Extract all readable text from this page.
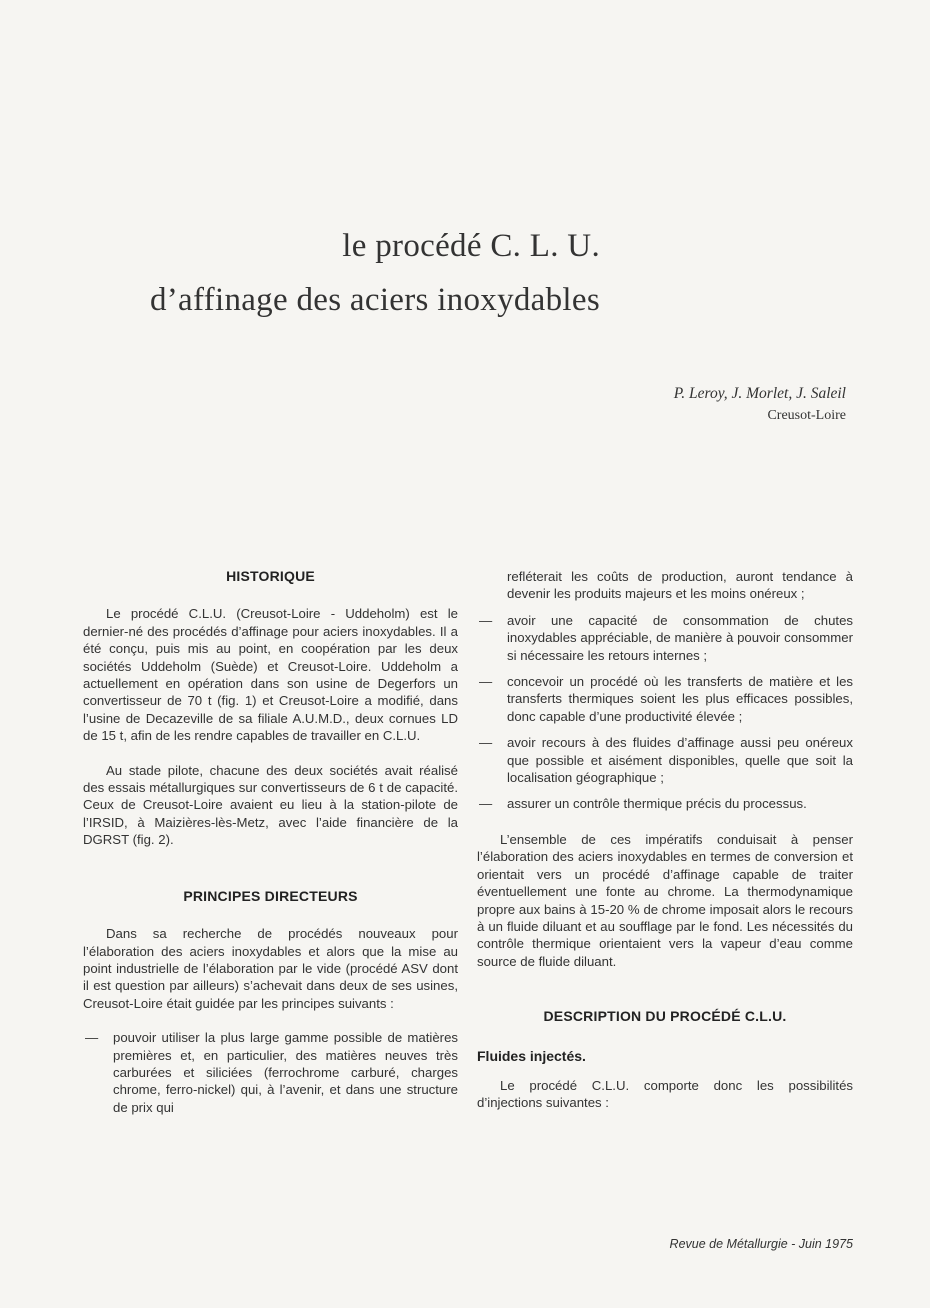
le procédé C. L. U.
d’affinage des aciers inoxydables
P. Leroy, J. Morlet, J. Saleil
Creusot-Loire
HISTORIQUE

Le procédé C.L.U. (Creusot-Loire - Uddeholm) est le dernier-né des procédés d’affinage pour aciers inoxydables. Il a été conçu, puis mis au point, en coopération par les deux sociétés Uddeholm (Suède) et Creusot-Loire. Uddeholm a actuellement en opération dans son usine de Degerfors un convertisseur de 70 t (fig. 1) et Creusot-Loire a modifié, dans l’usine de Decazeville de sa filiale A.U.M.D., deux cornues LD de 15 t, afin de les rendre capables de travailler en C.L.U.

Au stade pilote, chacune des deux sociétés avait réalisé des essais métallurgiques sur convertisseurs de 6 t de capacité. Ceux de Creusot-Loire avaient eu lieu à la station-pilote de l’IRSID, à Maizières-lès-Metz, avec l’aide financière de la DGRST (fig. 2).

PRINCIPES DIRECTEURS

Dans sa recherche de procédés nouveaux pour l’élaboration des aciers inoxydables et alors que la mise au point industrielle de l’élaboration par le vide (procédé ASV dont il est question par ailleurs) s’achevait dans deux de ses usines, Creusot-Loire était guidée par les principes suivants :

— pouvoir utiliser la plus large gamme possible de matières premières et, en particulier, des matières neuves très carburées et siliciées (ferrochrome carburé, charges chrome, ferro-nickel) qui, à l’avenir, et dans une structure de prix qui
refléterait les coûts de production, auront tendance à devenir les produits majeurs et les moins onéreux ;
— avoir une capacité de consommation de chutes inoxydables appréciable, de manière à pouvoir consommer si nécessaire les retours internes ;
— concevoir un procédé où les transferts de matière et les transferts thermiques soient les plus efficaces possibles, donc capable d’une productivité élevée ;
— avoir recours à des fluides d’affinage aussi peu onéreux que possible et aisément disponibles, quelle que soit la localisation géographique ;
— assurer un contrôle thermique précis du processus.

L’ensemble de ces impératifs conduisait à penser l’élaboration des aciers inoxydables en termes de conversion et orientait vers un procédé d’affinage capable de traiter éventuellement une fonte au chrome. La thermodynamique propre aux bains à 15-20 % de chrome imposait alors le recours à un fluide diluant et au soufflage par le fond. Les nécessités du contrôle thermique orientaient vers la vapeur d’eau comme source de fluide diluant.

DESCRIPTION DU PROCÉDÉ C.L.U.
Fluides injectés.

Le procédé C.L.U. comporte donc les possibilités d’injections suivantes :

Revue de Métallurgie - Juin 1975
